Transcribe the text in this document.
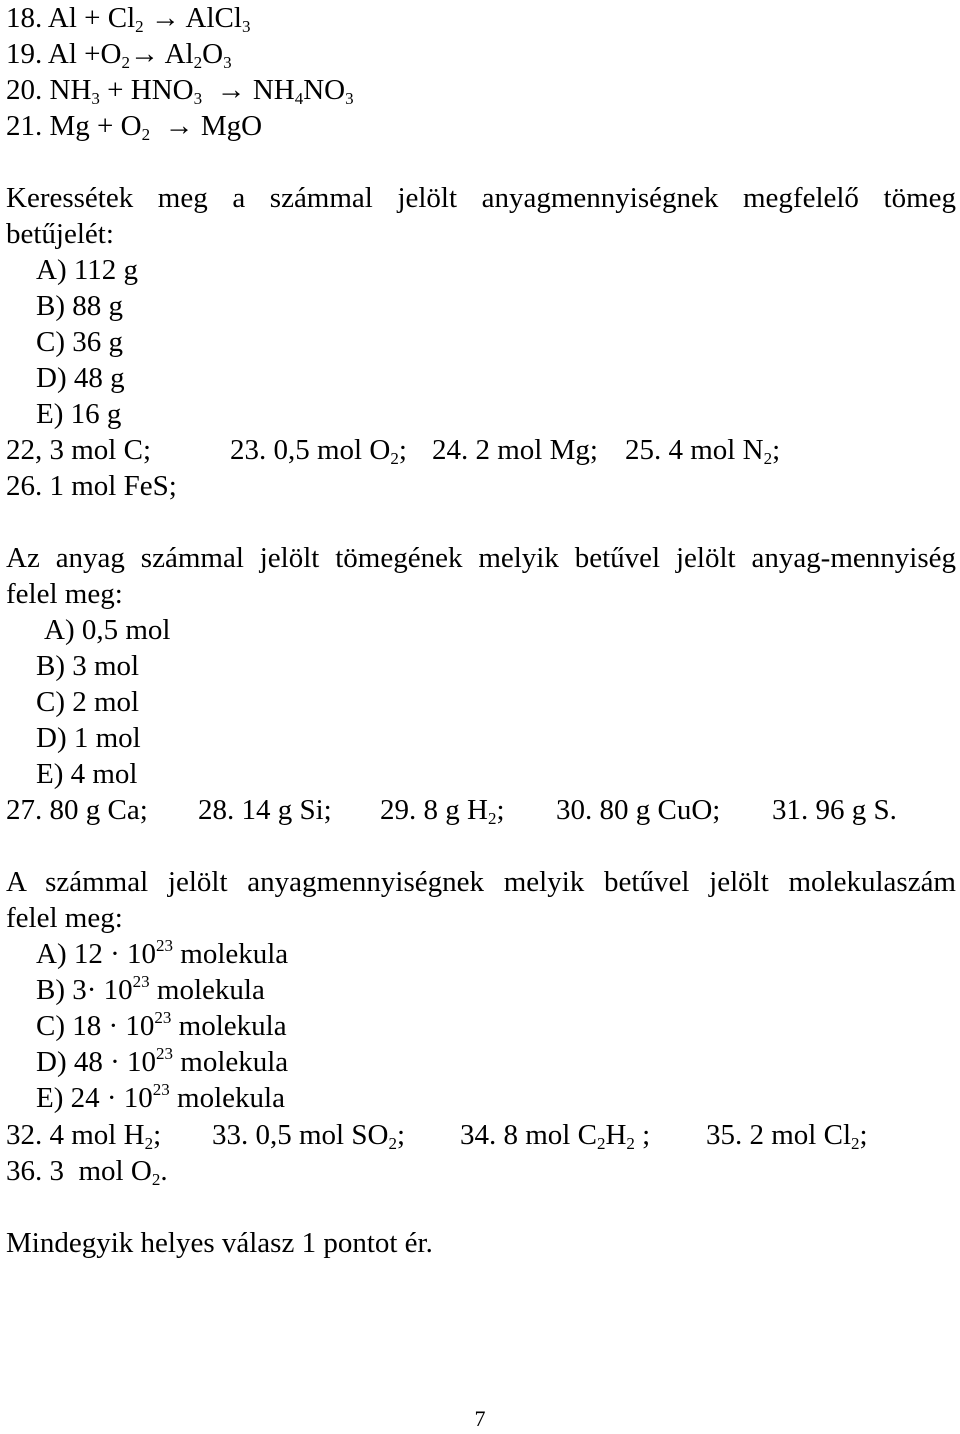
18. $Al + Cl_2$ → AlCl$_3$
19. $Al +O_2\to Al_2O_3$
20. $NH_3 + HNO_3 \to NH_4NO_3$
21. $Mg + O_2$  → MgO
Keressétek meg a számmal jelölt anyagmennyiségnek megfelelő tömeg
betűjelét:
A) 112 g
B) 88 g
C) 36 g
D) 48 g
E) 16 g
22, 3 mol C;	23. 0,5 mol $O_2$; 24. 2 mol Mg; 25. 4 mol $N_2$;
26. 1 mol FeS;
Az anyag számmal jelölt tömegének melyik betűvel jelölt anyag-mennyiség
felel meg:
A) 0,5 mol
B) 3 mol
C) 2 mol
D) 1 mol
E) 4 mol
27. 80 g Ca; 28. 14 g Si; 29. 8 g $H_2$; 30. 80 g CuO; 31. 96 g S.
A számmal jelölt anyagmennyiségnek melyik betűvel jelölt molekulaszám
felel meg:
A) $12 \cdot 10^{23}$ molekula
B) $3\cdot 10^{23}$ molekula
C) $18 \cdot 10^{23}$ molekula
D) $48 \cdot 10^{23}$ molekula
E) $24 \cdot 10^{23}$ molekula
32. 4 mol $H_2$; 33. 0,5 mol $SO_2$; 34. 8 mol $C_2H_2$ ; 35. 2 mol $Cl_2$;
36. 3  mol $O_2$.
Mindegyik helyes válasz 1 pontot ér.
7
